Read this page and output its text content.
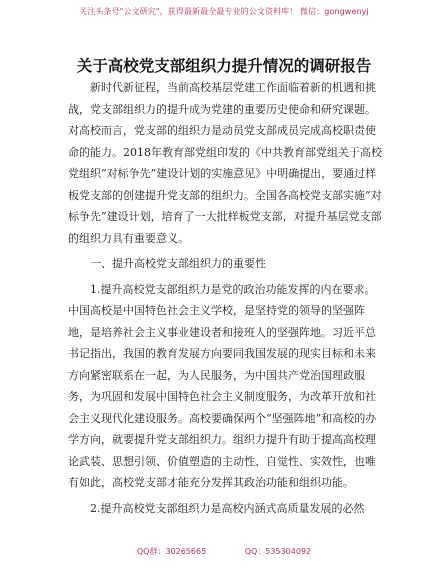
关注头条号"公文研究"，获得最新最全最专业的公文资料库！ 微信：gongwenyj
关于高校党支部组织力提升情况的调研报告

新时代新征程，当前高校基层党建工作面临着新的机遇和挑战，党支部组织力的提升成为党建的重要历史使命和研究课题。对高校而言，党支部的组织力是动员党支部成员完成高校职责使命的能力。2018年教育部党组印发的《中共教育部党组关于高校党组织“对标争先”建设计划的实施意见》中明确提出，要通过样板党支部的创建提升党支部的组织力。全国各高校党支部实施“对标争先”建设计划，培育了一大批样板党支部，对提升基层党支部的组织力具有重要意义。

一、提升高校党支部组织力的重要性

1.提升高校党支部组织力是党的政治功能发挥的内在要求。

中国高校是中国特色社会主义学校，是坚持党的领导的坚强阵地，是培养社会主义事业建设者和接班人的坚强阵地。习近平总书记指出，我国的教育发展方向要同我国发展的现实目标和未来方向紧密联系在一起，为人民服务，为中国共产党治国理政服务，为巩固和发展中国特色社会主义制度服务，为改革开放和社会主义现代化建设服务。高校要确保两个“坚强阵地”和高校的办学方向，就要提升党支部组织力。组织力提升有助于提高高校理论武装、思想引领、价值塑造的主动性、自觉性、实效性，也唯有如此，高校党支部才能充分发挥其政治功能和组织功能。

2.提升高校党支部组织力是高校内涵式高质量发展的必然

QQ群：30265665	QQ：535304092
